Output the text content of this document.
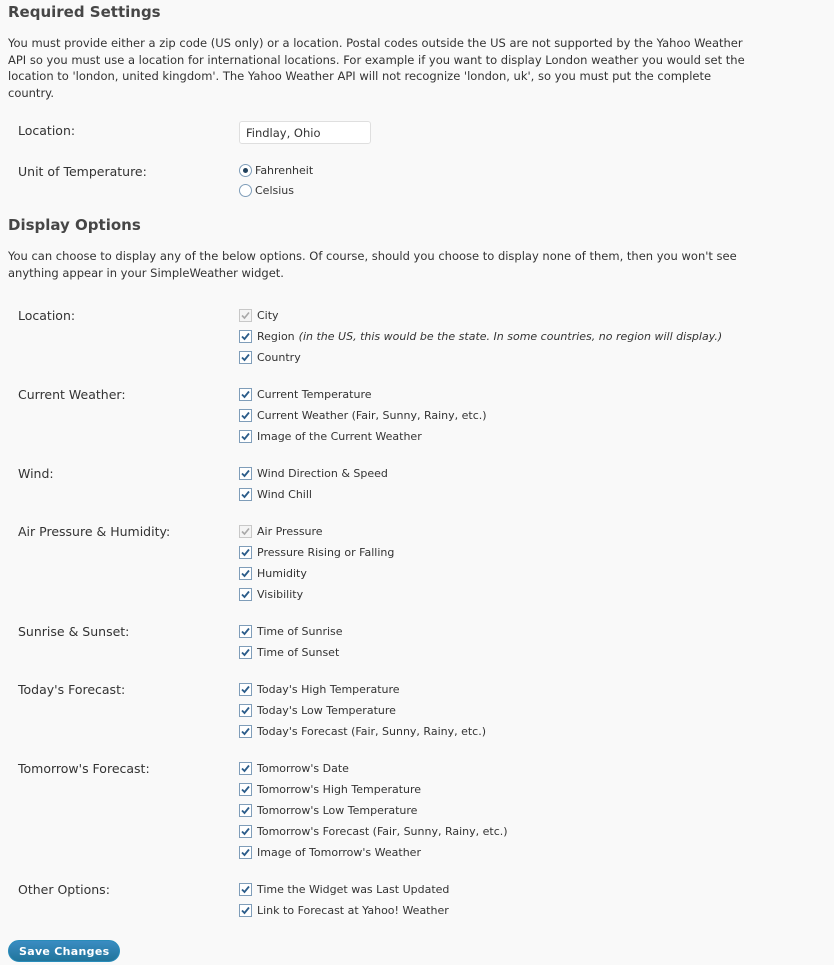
Required Settings

You must provide either a zip code (US only) or a location. Postal codes outside the US are not supported by the Yahoo Weather API so you must use a location for international locations. For example if you want to display London weather you would set the location to 'london, united kingdom'. The Yahoo Weather API will not recognize 'london, uk', so you must put the complete country.

Location:
Findlay, Ohio
Unit of Temperature:	Fahrenheit
Celsius
Display Options

You can choose to display any of the below options. Of course, should you choose to display none of them, then you won't see anything appear in your SimpleWeather widget.

Location:	City
Region (in the US, this would be the state. In some countries, no region will display.)
Country
Current Weather:	Current Temperature
Current Weather (Fair, Sunny, Rainy, etc.)
Image of the Current Weather
Wind:	Wind Direction & Speed
Wind Chill
Air Pressure & Humidity:	Air Pressure
Pressure Rising or Falling
Humidity
Visibility
Sunrise & Sunset:	Time of Sunrise
Time of Sunset
Today's Forecast:	Today's High Temperature
Today's Low Temperature
Today's Forecast (Fair, Sunny, Rainy, etc.)
Tomorrow's Forecast:	Tomorrow's Date
Tomorrow's High Temperature
Tomorrow's Low Temperature
Tomorrow's Forecast (Fair, Sunny, Rainy, etc.)
Image of Tomorrow's Weather
Other Options:	Time the Widget was Last Updated
Link to Forecast at Yahoo! Weather
Save Changes
